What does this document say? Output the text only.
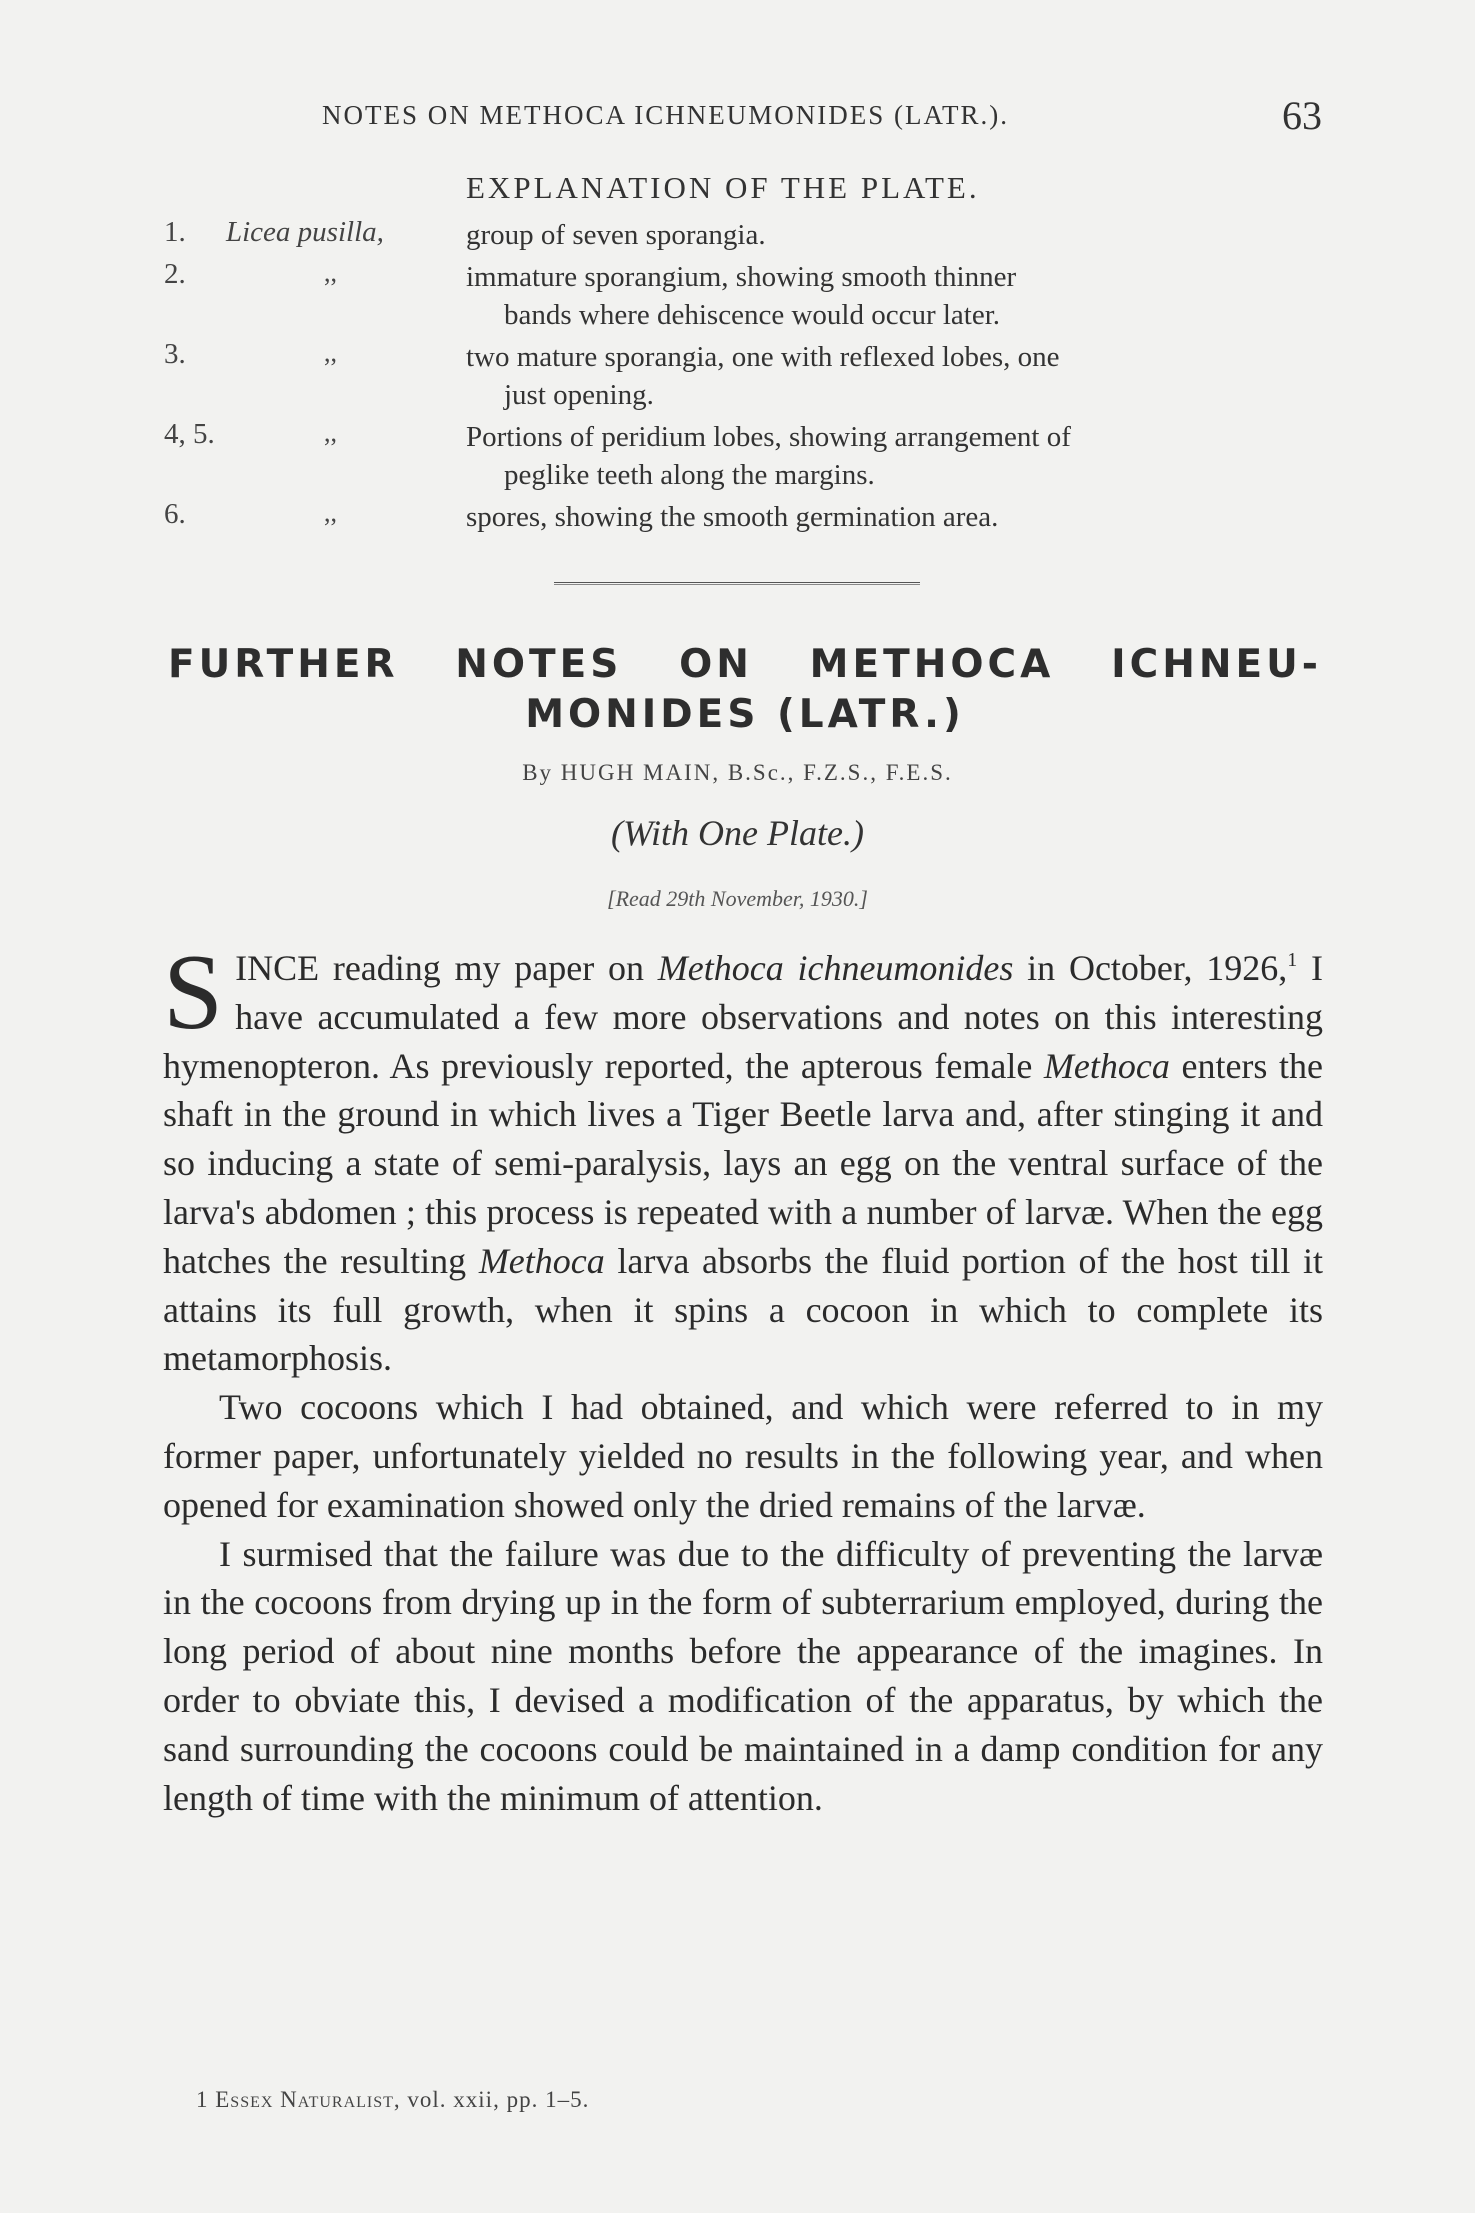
NOTES ON METHOCA ICHNEUMONIDES (LATR.).	63
EXPLANATION OF THE PLATE.
1.	Licea pusilla,	group of seven sporangia.
2.	,,	immature sporangium, showing smooth thinner
bands where dehiscence would occur later.
3.	,,	two mature sporangia, one with reflexed lobes, one
just opening.
4, 5.	,,	Portions of peridium lobes, showing arrangement of
peglike teeth along the margins.
6.	,,	spores, showing the smooth germination area.
FURTHER NOTES ON METHOCA ICHNEU-
MONIDES (LATR.)
By HUGH MAIN, B.Sc., F.Z.S., F.E.S.
(With One Plate.)
[Read 29th November, 1930.]

SINCE reading my paper on Methoca ichneumonides in October, 1926,$^1$ I have accumulated a few more observations and notes on this interesting hymenopteron. As previously reported, the apterous female Methoca enters the shaft in the ground in which lives a Tiger Beetle larva and, after stinging it and so inducing a state of semi-paralysis, lays an egg on the ventral surface of the larva's abdomen ; this process is repeated with a number of larvæ. When the egg hatches the resulting Methoca larva absorbs the fluid portion of the host till it attains its full growth, when it spins a cocoon in which to complete its metamorphosis.

Two cocoons which I had obtained, and which were referred to in my former paper, unfortunately yielded no results in the following year, and when opened for examination showed only the dried remains of the larvæ.

I surmised that the failure was due to the difficulty of preventing the larvæ in the cocoons from drying up in the form of subterrarium employed, during the long period of about nine months before the appearance of the imagines. In order to obviate this, I devised a modification of the apparatus, by which the sand surrounding the cocoons could be maintained in a damp condition for any length of time with the minimum of attention.

1 Essex Naturalist, vol. xxii, pp. 1–5.
